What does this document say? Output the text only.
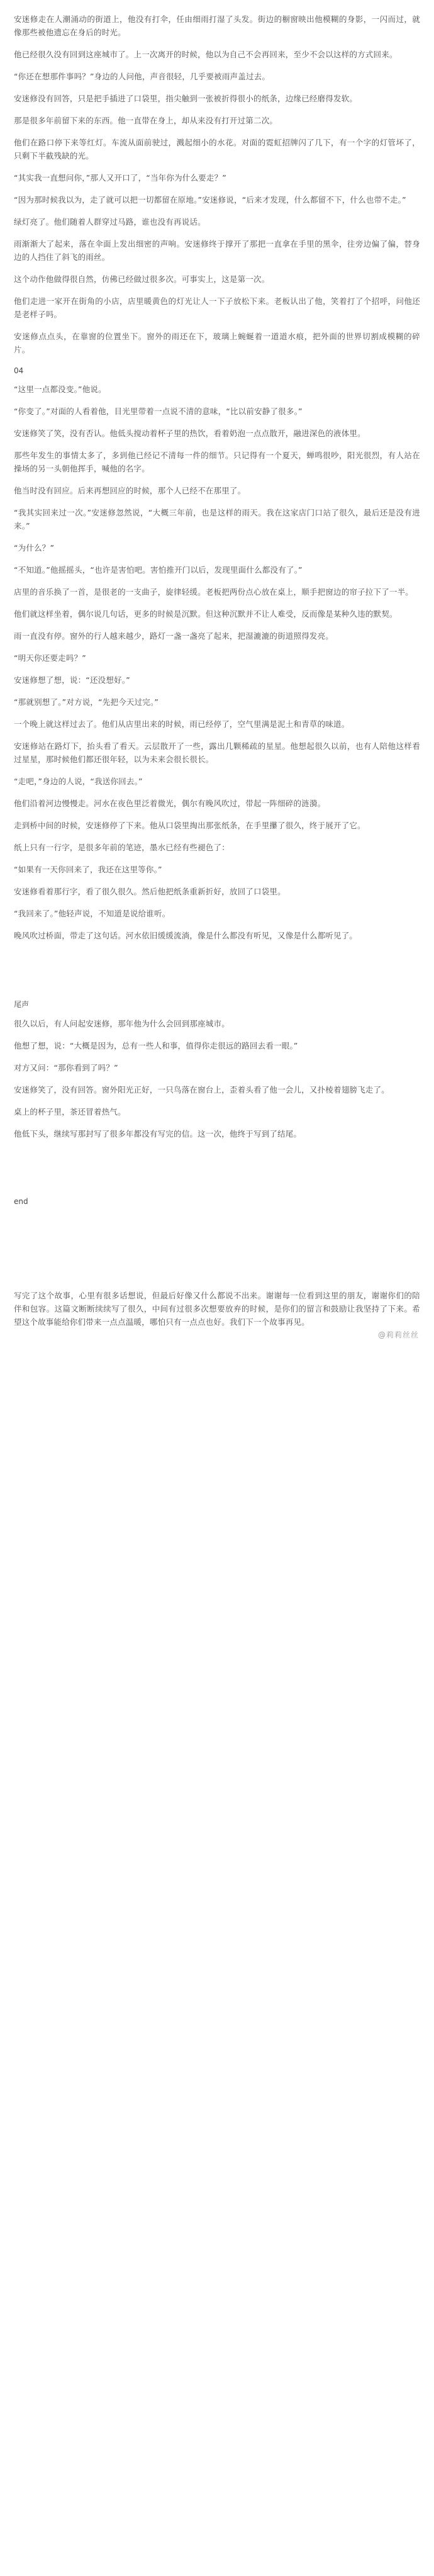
安迷修走在人潮涌动的街道上，他没有打伞，任由细雨打湿了头发。街边的橱窗映出他模糊的身影，一闪而过，就像那些被他遗忘在身后的时光。

他已经很久没有回到这座城市了。上一次离开的时候，他以为自己不会再回来，至少不会以这样的方式回来。

“你还在想那件事吗？”身边的人问他，声音很轻，几乎要被雨声盖过去。

安迷修没有回答，只是把手插进了口袋里，指尖触到一张被折得很小的纸条，边缘已经磨得发软。

那是很多年前留下来的东西。他一直带在身上，却从来没有打开过第二次。

他们在路口停下来等红灯。车流从面前驶过，溅起细小的水花。对面的霓虹招牌闪了几下，有一个字的灯管坏了，只剩下半截残缺的光。

“其实我一直想问你，”那人又开口了，“当年你为什么要走？”

“因为那时候我以为，走了就可以把一切都留在原地。”安迷修说，“后来才发现，什么都留不下，什么也带不走。”

绿灯亮了。他们随着人群穿过马路，谁也没有再说话。

雨渐渐大了起来，落在伞面上发出细密的声响。安迷修终于撑开了那把一直拿在手里的黑伞，往旁边偏了偏，替身边的人挡住了斜飞的雨丝。

这个动作他做得很自然，仿佛已经做过很多次。可事实上，这是第一次。

他们走进一家开在街角的小店，店里暖黄色的灯光让人一下子放松下来。老板认出了他，笑着打了个招呼，问他还是老样子吗。

安迷修点点头，在靠窗的位置坐下。窗外的雨还在下，玻璃上蜿蜒着一道道水痕，把外面的世界切割成模糊的碎片。

04

“这里一点都没变。”他说。

“你变了。”对面的人看着他，目光里带着一点说不清的意味，“比以前安静了很多。”

安迷修笑了笑，没有否认。他低头搅动着杯子里的热饮，看着奶泡一点点散开，融进深色的液体里。

那些年发生的事情太多了，多到他已经记不清每一件的细节。只记得有一个夏天，蝉鸣很吵，阳光很烈，有人站在操场的另一头朝他挥手，喊他的名字。

他当时没有回应。后来再想回应的时候，那个人已经不在那里了。

“我其实回来过一次。”安迷修忽然说，“大概三年前，也是这样的雨天。我在这家店门口站了很久，最后还是没有进来。”

“为什么？”

“不知道。”他摇摇头，“也许是害怕吧。害怕推开门以后，发现里面什么都没有了。”

店里的音乐换了一首，是很老的一支曲子，旋律轻缓。老板把两份点心放在桌上，顺手把窗边的帘子拉下了一半。

他们就这样坐着，偶尔说几句话，更多的时候是沉默。但这种沉默并不让人难受，反而像是某种久违的默契。

雨一直没有停。窗外的行人越来越少，路灯一盏一盏亮了起来，把湿漉漉的街道照得发亮。

“明天你还要走吗？”

安迷修想了想，说：“还没想好。”

“那就别想了。”对方说，“先把今天过完。”

一个晚上就这样过去了。他们从店里出来的时候，雨已经停了，空气里满是泥土和青草的味道。

安迷修站在路灯下，抬头看了看天。云层散开了一些，露出几颗稀疏的星星。他想起很久以前，也有人陪他这样看过星星，那时候他们都还很年轻，以为未来会很长很长。

“走吧，”身边的人说，“我送你回去。”

他们沿着河边慢慢走。河水在夜色里泛着微光，偶尔有晚风吹过，带起一阵细碎的涟漪。

走到桥中间的时候，安迷修停了下来。他从口袋里掏出那张纸条，在手里攥了很久，终于展开了它。

纸上只有一行字，是很多年前的笔迹，墨水已经有些褪色了：

“如果有一天你回来了，我还在这里等你。”

安迷修看着那行字，看了很久很久。然后他把纸条重新折好，放回了口袋里。

“我回来了。”他轻声说，不知道是说给谁听。

晚风吹过桥面，带走了这句话。河水依旧缓缓流淌，像是什么都没有听见，又像是什么都听见了。

尾声

很久以后，有人问起安迷修，那年他为什么会回到那座城市。

他想了想，说：“大概是因为，总有一些人和事，值得你走很远的路回去看一眼。”

对方又问：“那你看到了吗？”

安迷修笑了，没有回答。窗外阳光正好，一只鸟落在窗台上，歪着头看了他一会儿，又扑棱着翅膀飞走了。

桌上的杯子里，茶还冒着热气。

他低下头，继续写那封写了很多年都没有写完的信。这一次，他终于写到了结尾。

end

写完了这个故事，心里有很多话想说，但最后好像又什么都说不出来。谢谢每一位看到这里的朋友，谢谢你们的陪伴和包容。这篇文断断续续写了很久，中间有过很多次想要放弃的时候，是你们的留言和鼓励让我坚持了下来。希望这个故事能给你们带来一点点温暖，哪怕只有一点点也好。我们下一个故事再见。

@莉莉丝丝
